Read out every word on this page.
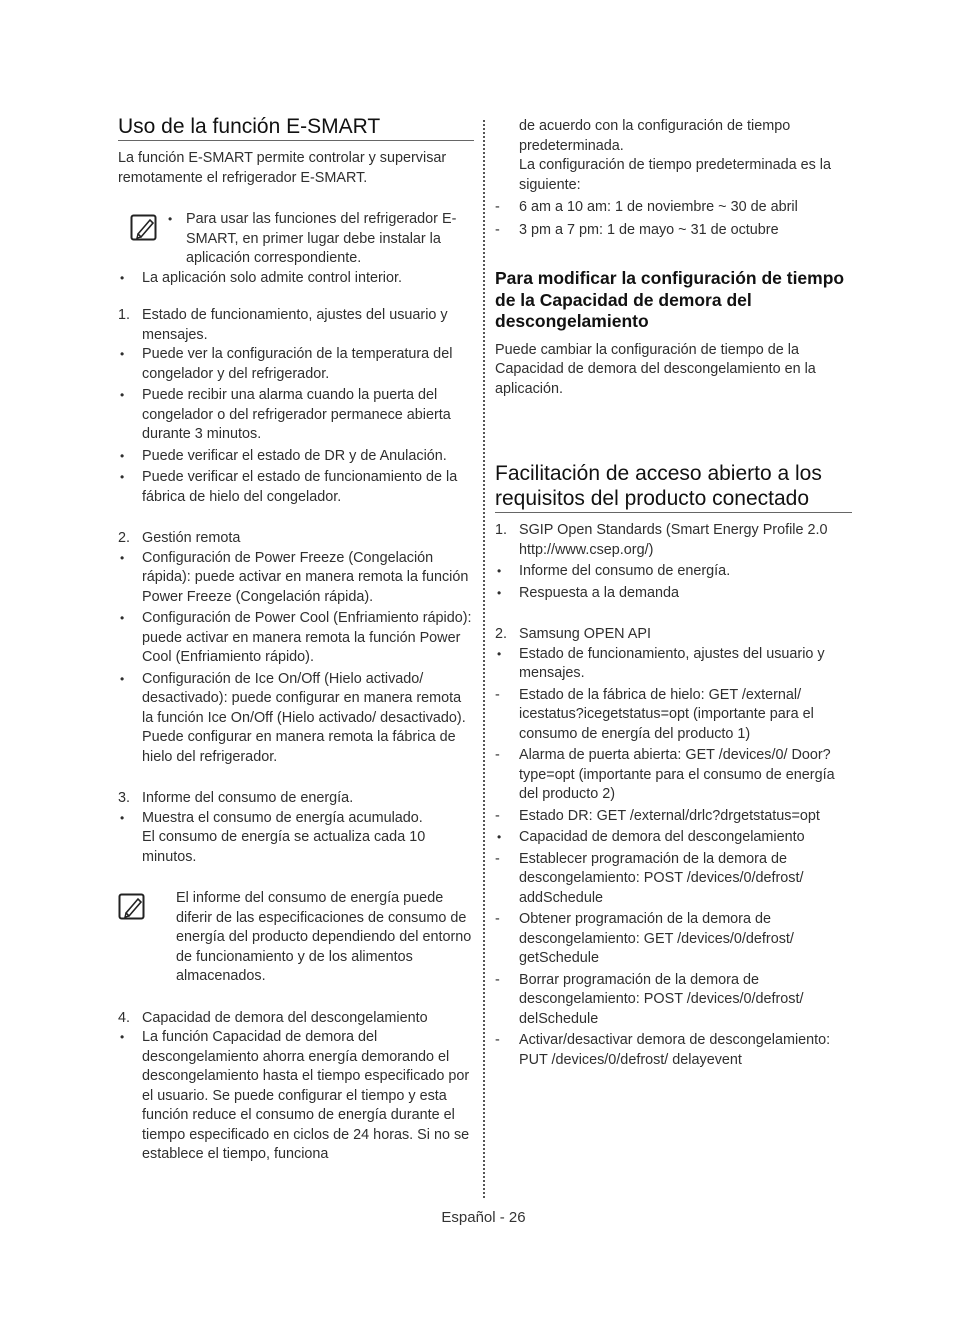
Uso de la función E-SMART

La función E-SMART permite controlar y supervisar remotamente el refrigerador E-SMART.

• Para usar las funciones del refrigerador E-SMART, en primer lugar debe instalar la aplicación correspondiente.
•	La aplicación solo admite control interior.
1. Estado de funcionamiento, ajustes del usuario y mensajes.
•	Puede ver la configuración de la temperatura del congelador y del refrigerador.
•	Puede recibir una alarma cuando la puerta del congelador o del refrigerador permanece abierta durante 3 minutos.
•	Puede verificar el estado de DR y de Anulación.
•	Puede verificar el estado de funcionamiento de la fábrica de hielo del congelador.
2. Gestión remota
•	Configuración de Power Freeze (Congelación rápida): puede activar en manera remota la función Power Freeze (Congelación rápida).
•	Configuración de Power Cool (Enfriamiento rápido): puede activar en manera remota la función Power Cool (Enfriamiento rápido).
•	Configuración de Ice On/Off (Hielo activado/ desactivado): puede configurar en manera remota la función Ice On/Off (Hielo activado/ desactivado).
Puede configurar en manera remota la fábrica de hielo del refrigerador.
3. Informe del consumo de energía.
•	Muestra el consumo de energía acumulado.
El consumo de energía se actualiza cada 10 minutos.
El informe del consumo de energía puede diferir de las especificaciones de consumo de energía del producto dependiendo del entorno de funcionamiento y de los alimentos almacenados.
4. Capacidad de demora del descongelamiento
•	La función Capacidad de demora del descongelamiento ahorra energía demorando el descongelamiento hasta el tiempo especificado por el usuario. Se puede configurar el tiempo y esta función reduce el consumo de energía durante el tiempo especificado en ciclos de 24 horas. Si no se establece el tiempo, funciona
de acuerdo con la configuración de tiempo predeterminada.
La configuración de tiempo predeterminada es la siguiente:
-	6 am a 10 am: 1 de noviembre ~ 30 de abril
-	3 pm a 7 pm: 1 de mayo ~ 31 de octubre
Para modificar la configuración de tiempo de la Capacidad de demora del descongelamiento

Puede cambiar la configuración de tiempo de la Capacidad de demora del descongelamiento en la aplicación.

Facilitación de acceso abierto a los requisitos del producto conectado
1. SGIP Open Standards (Smart Energy Profile 2.0 http://www.csep.org/)
•	Informe del consumo de energía.
•	Respuesta a la demanda
2. Samsung OPEN API
•	Estado de funcionamiento, ajustes del usuario y mensajes.
-	Estado de la fábrica de hielo: GET /external/ icestatus?icegetstatus=opt (importante para el consumo de energía del producto 1)
-	Alarma de puerta abierta: GET /devices/0/ Door?type=opt (importante para el consumo de energía del producto 2)
-	Estado DR: GET /external/drlc?drgetstatus=opt
•	Capacidad de demora del descongelamiento
-	Establecer programación de la demora de descongelamiento: POST /devices/0/defrost/ addSchedule
-	Obtener programación de la demora de descongelamiento: GET /devices/0/defrost/ getSchedule
-	Borrar programación de la demora de descongelamiento: POST /devices/0/defrost/ delSchedule
-	Activar/desactivar demora de descongelamiento: PUT /devices/0/defrost/ delayevent
Español - 26
